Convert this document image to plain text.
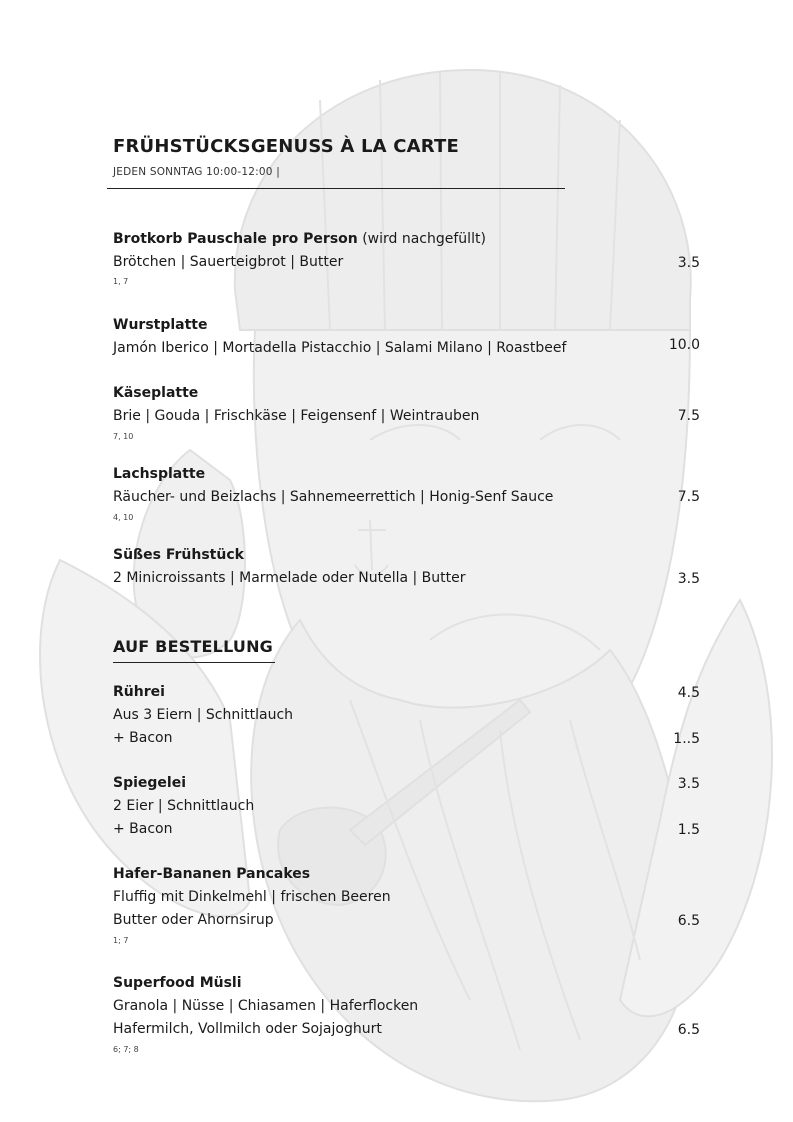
FRÜHSTÜCKSGENUSS À LA CARTE
JEDEN SONNTAG 10:00-12:00 |
Brotkorb Pauschale pro Person (wird nachgefüllt)
Brötchen | Sauerteigbrot | Butter	3.5
1, 7
Wurstplatte
Jamón Iberico | Mortadella Pistacchio | Salami Milano | Roastbeef	10.0
Käseplatte
Brie | Gouda | Frischkäse | Feigensenf | Weintrauben	7.5
7, 10
Lachsplatte
Räucher- und Beizlachs | Sahnemeerrettich | Honig-Senf Sauce	7.5
4, 10
Süßes Frühstück
2 Minicroissants | Marmelade oder Nutella | Butter	3.5
AUF BESTELLUNG
Rührei	4.5
Aus 3 Eiern | Schnittlauch
+ Bacon	1..5
Spiegelei	3.5
2 Eier | Schnittlauch
+ Bacon	1.5
Hafer-Bananen Pancakes
Fluffig mit Dinkelmehl | frischen Beeren
Butter oder Ahornsirup	6.5
1; 7
Superfood Müsli
Granola | Nüsse | Chiasamen | Haferflocken
Hafermilch, Vollmilch oder Sojajoghurt	6.5
6; 7; 8
